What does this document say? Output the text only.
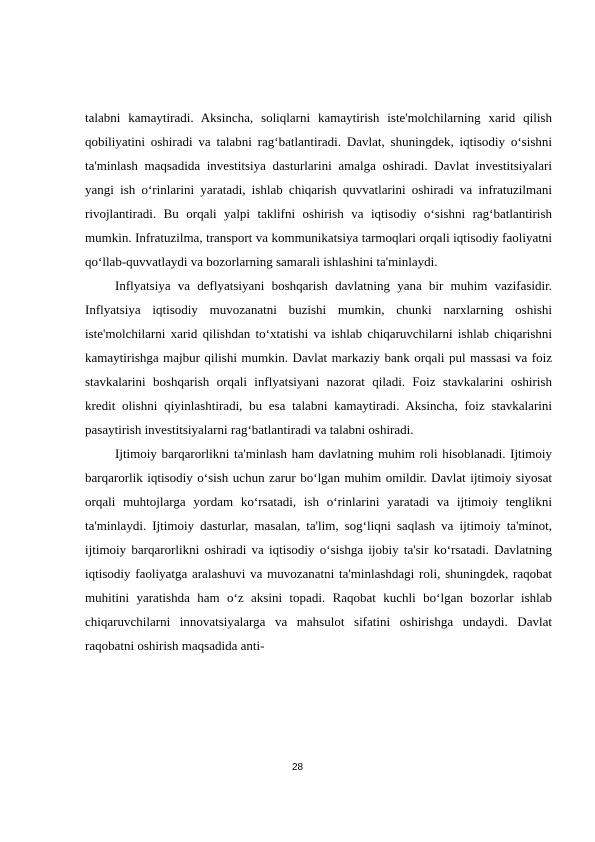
talabni kamaytiradi. Aksincha, soliqlarni kamaytirish iste'molchilarning xarid qilish qobiliyatini oshiradi va talabni rag‘batlantiradi. Davlat, shuningdek, iqtisodiy o‘sishni ta'minlash maqsadida investitsiya dasturlarini amalga oshiradi. Davlat investitsiyalari yangi ish o‘rinlarini yaratadi, ishlab chiqarish quvvatlarini oshiradi va infratuzilmani rivojlantiradi. Bu orqali yalpi taklifni oshirish va iqtisodiy o‘sishni rag‘batlantirish mumkin. Infratuzilma, transport va kommunikatsiya tarmoqlari orqali iqtisodiy faoliyatni qo‘llab-quvvatlaydi va bozorlarning samarali ishlashini ta'minlaydi.

Inflyatsiya va deflyatsiyani boshqarish davlatning yana bir muhim vazifasidir. Inflyatsiya iqtisodiy muvozanatni buzishi mumkin, chunki narxlarning oshishi iste'molchilarni xarid qilishdan to‘xtatishi va ishlab chiqaruvchilarni ishlab chiqarishni kamaytirishga majbur qilishi mumkin. Davlat markaziy bank orqali pul massasi va foiz stavkalarini boshqarish orqali inflyatsiyani nazorat qiladi. Foiz stavkalarini oshirish kredit olishni qiyinlashtiradi, bu esa talabni kamaytiradi. Aksincha, foiz stavkalarini pasaytirish investitsiyalarni rag‘batlantiradi va talabni oshiradi.

Ijtimoiy barqarorlikni ta'minlash ham davlatning muhim roli hisoblanadi. Ijtimoiy barqarorlik iqtisodiy o‘sish uchun zarur bo‘lgan muhim omildir. Davlat ijtimoiy siyosat orqali muhtojlarga yordam ko‘rsatadi, ish o‘rinlarini yaratadi va ijtimoiy tenglikni ta'minlaydi. Ijtimoiy dasturlar, masalan, ta'lim, sog‘liqni saqlash va ijtimoiy ta'minot, ijtimoiy barqarorlikni oshiradi va iqtisodiy o‘sishga ijobiy ta'sir ko‘rsatadi. Davlatning iqtisodiy faoliyatga aralashuvi va muvozanatni ta'minlashdagi roli, shuningdek, raqobat muhitini yaratishda ham o‘z aksini topadi. Raqobat kuchli bo‘lgan bozorlar ishlab chiqaruvchilarni innovatsiyalarga va mahsulot sifatini oshirishga undaydi. Davlat raqobatni oshirish maqsadida anti-

28
